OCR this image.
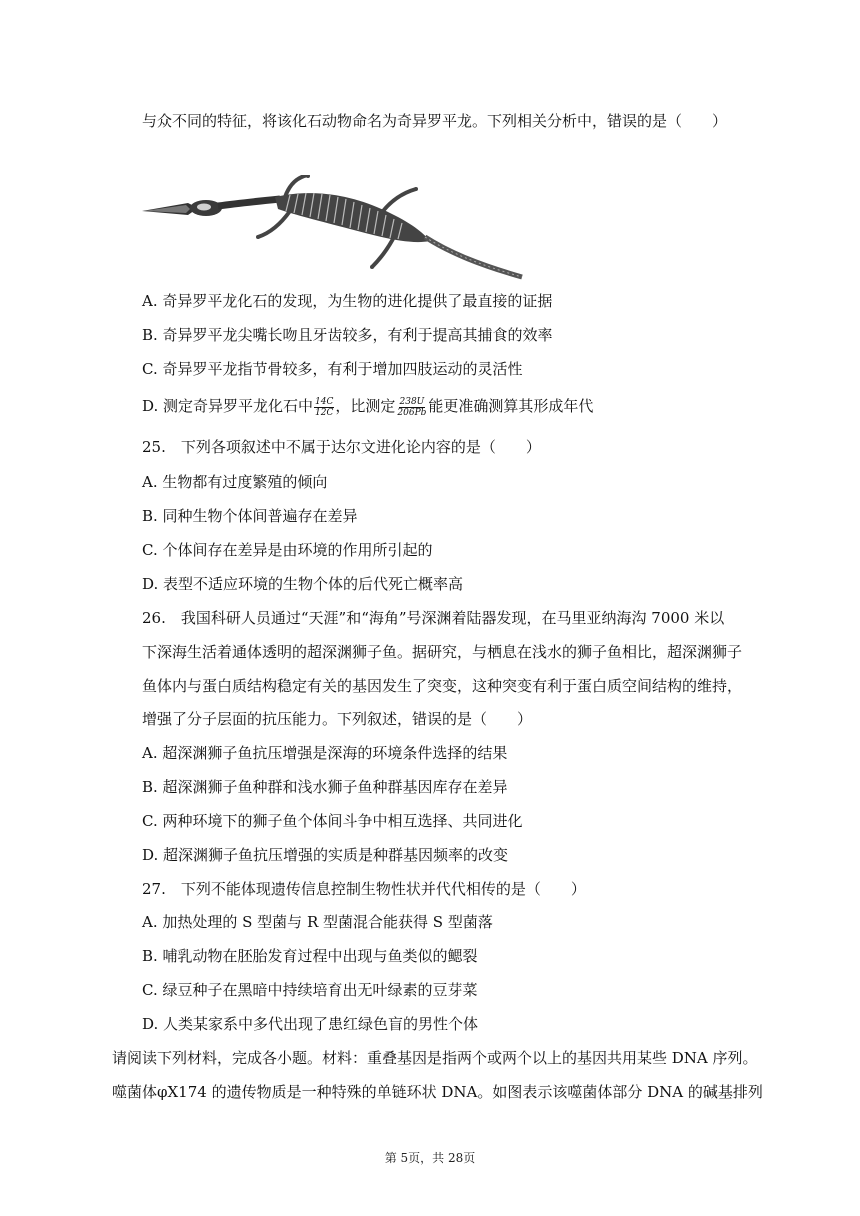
与众不同的特征，将该化石动物命名为奇异罗平龙。下列相关分析中，错误的是（　　）
A. 奇异罗平龙化石的发现，为生物的进化提供了最直接的证据
B. 奇异罗平龙尖嘴长吻且牙齿较多，有利于提高其捕食的效率
C. 奇异罗平龙指节骨较多，有利于增加四肢运动的灵活性
D. 测定奇异罗平龙化石中 $\frac{14C}{12C}$ ，比测定 $\frac{238U}{206Pb}$ 能更准确测算其形成年代
25.　下列各项叙述中不属于达尔文进化论内容的是（　　）
A. 生物都有过度繁殖的倾向
B. 同种生物个体间普遍存在差异
C. 个体间存在差异是由环境的作用所引起的
D. 表型不适应环境的生物个体的后代死亡概率高
26.　我国科研人员通过“天涯”和“海角”号深渊着陆器发现，在马里亚纳海沟 7000 米以
下深海生活着通体透明的超深渊狮子鱼。据研究，与栖息在浅水的狮子鱼相比，超深渊狮子
鱼体内与蛋白质结构稳定有关的基因发生了突变，这种突变有利于蛋白质空间结构的维持，
增强了分子层面的抗压能力。下列叙述，错误的是（　　）
A. 超深渊狮子鱼抗压增强是深海的环境条件选择的结果
B. 超深渊狮子鱼种群和浅水狮子鱼种群基因库存在差异
C. 两种环境下的狮子鱼个体间斗争中相互选择、共同进化
D. 超深渊狮子鱼抗压增强的实质是种群基因频率的改变
27.　下列不能体现遗传信息控制生物性状并代代相传的是（　　）
A. 加热处理的 S 型菌与 R 型菌混合能获得 S 型菌落
B. 哺乳动物在胚胎发育过程中出现与鱼类似的鳃裂
C. 绿豆种子在黑暗中持续培育出无叶绿素的豆芽菜
D. 人类某家系中多代出现了患红绿色盲的男性个体
请阅读下列材料，完成各小题。材料：重叠基因是指两个或两个以上的基因共用某些 DNA 序列。
噬菌体φX174 的遗传物质是一种特殊的单链环状 DNA。如图表示该噬菌体部分 DNA 的碱基排列
第 5页，共 28页
